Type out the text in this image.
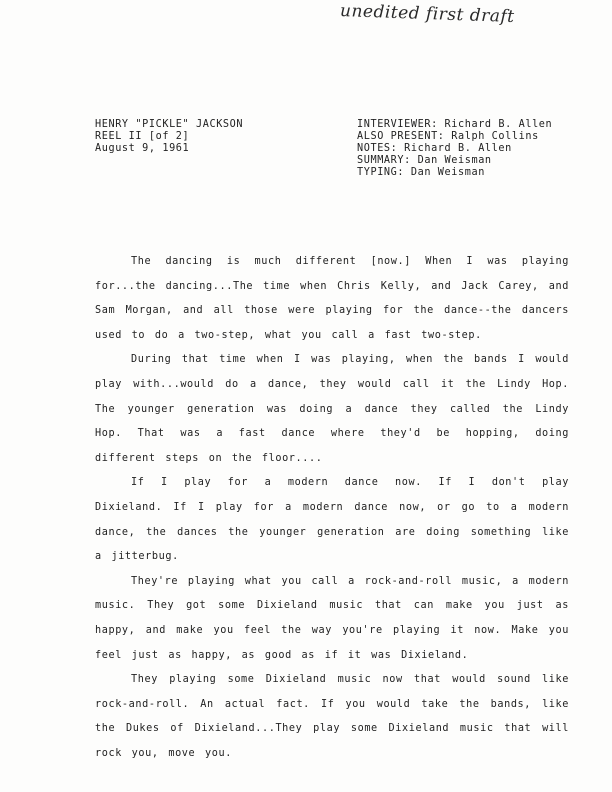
unedited first draft
HENRY "PICKLE" JACKSON
REEL II [of 2]
August 9, 1961
INTERVIEWER: Richard B. Allen
ALSO PRESENT: Ralph Collins
NOTES: Richard B. Allen
SUMMARY: Dan Weisman
TYPING: Dan Weisman

The dancing is much different [now.] When I was playing for...the dancing...The time when Chris Kelly, and Jack Carey, and Sam Morgan, and all those were playing for the dance--the dancers used to do a two-step, what you call a fast two-step.

During that time when I was playing, when the bands I would play with...would do a dance, they would call it the Lindy Hop. The younger generation was doing a dance they called the Lindy Hop. That was a fast dance where they'd be hopping, doing different steps on the floor....

If I play for a modern dance now. If I don't play Dixieland. If I play for a modern dance now, or go to a modern dance, the dances the younger generation are doing something like a jitterbug.

They're playing what you call a rock-and-roll music, a modern music. They got some Dixieland music that can make you just as happy, and make you feel the way you're playing it now. Make you feel just as happy, as good as if it was Dixieland.

They playing some Dixieland music now that would sound like rock-and-roll. An actual fact. If you would take the bands, like the Dukes of Dixieland...They play some Dixieland music that will rock you, move you.
